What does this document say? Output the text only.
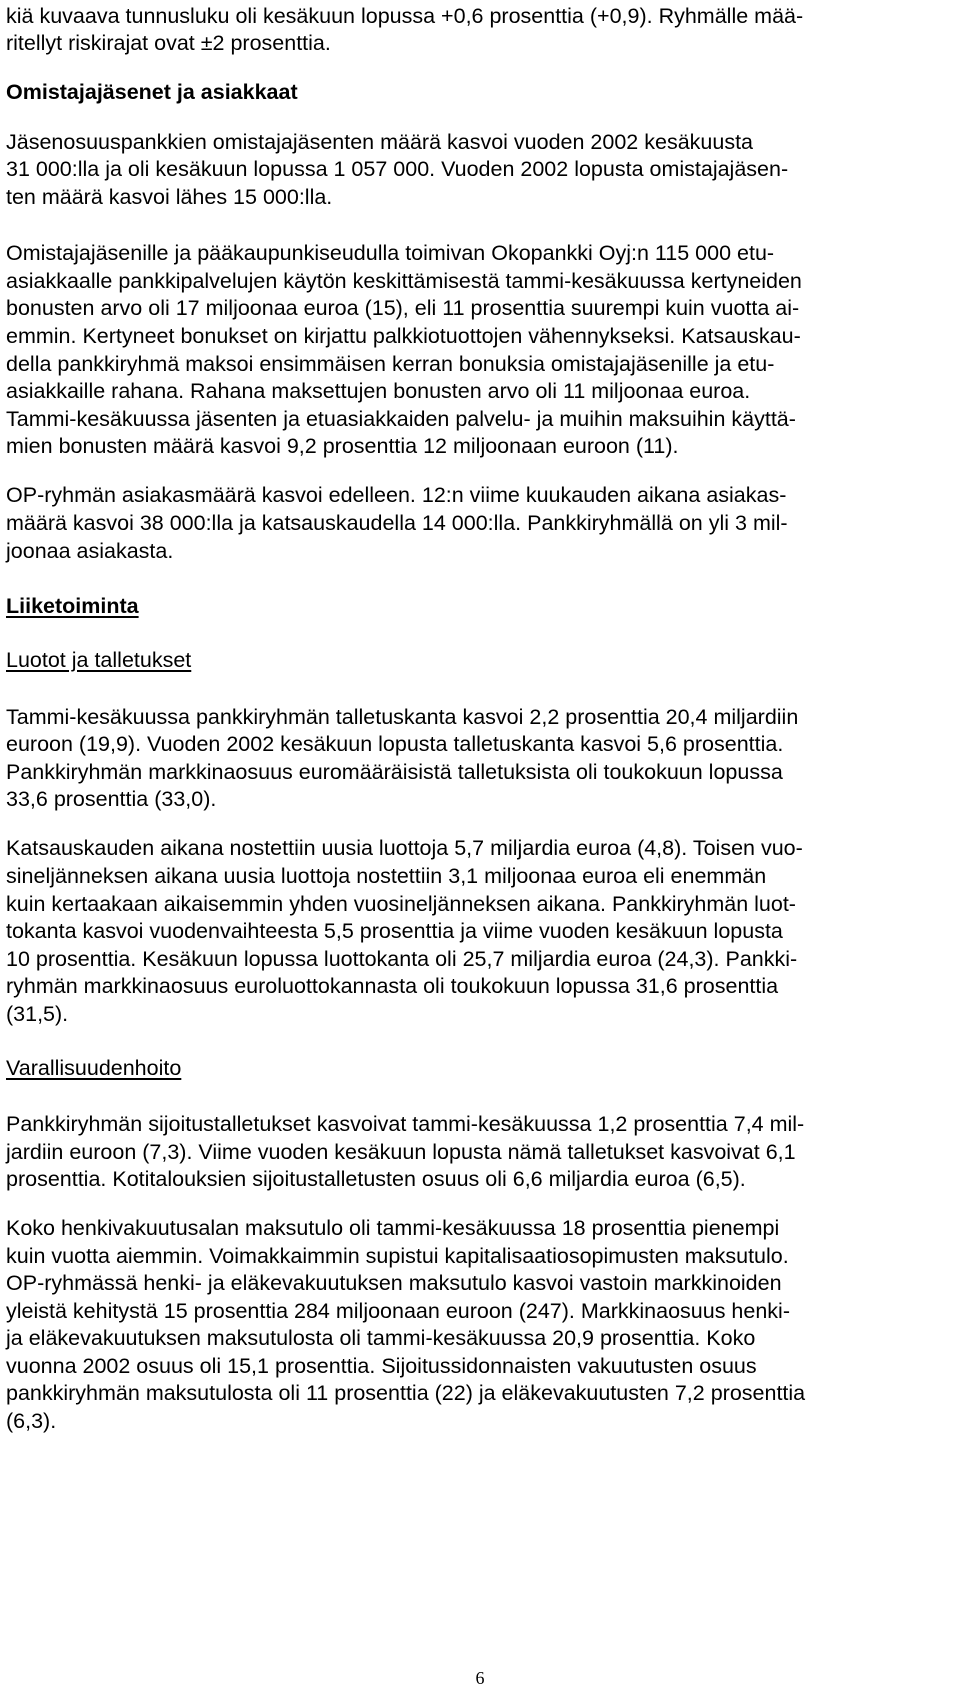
kiä kuvaava tunnusluku oli kesäkuun lopussa +0,6 prosenttia (+0,9). Ryhmälle mää-
ritellyt riskirajat ovat ±2 prosenttia.
Omistajajäsenet ja asiakkaat
Jäsenosuuspankkien omistajajäsenten määrä kasvoi vuoden 2002 kesäkuusta
31 000:lla ja oli kesäkuun lopussa 1 057 000. Vuoden 2002 lopusta omistajajäsen-
ten määrä kasvoi lähes 15 000:lla.
Omistajajäsenille ja pääkaupunkiseudulla toimivan Okopankki Oyj:n 115 000 etu-
asiakkaalle pankkipalvelujen käytön keskittämisestä tammi-kesäkuussa kertyneiden
bonusten arvo oli 17 miljoonaa euroa (15), eli 11 prosenttia suurempi kuin vuotta ai-
emmin. Kertyneet bonukset on kirjattu palkkiotuottojen vähennykseksi. Katsauskau-
della pankkiryhmä maksoi ensimmäisen kerran bonuksia omistajajäsenille ja etu-
asiakkaille rahana. Rahana maksettujen bonusten arvo oli 11 miljoonaa euroa.
Tammi-kesäkuussa jäsenten ja etuasiakkaiden palvelu- ja muihin maksuihin käyttä-
mien bonusten määrä kasvoi 9,2 prosenttia 12 miljoonaan euroon (11).
OP-ryhmän asiakasmäärä kasvoi edelleen. 12:n viime kuukauden aikana asiakas-
määrä kasvoi 38 000:lla ja katsauskaudella 14 000:lla. Pankkiryhmällä on yli 3 mil-
joonaa asiakasta.
Liiketoiminta
Luotot ja talletukset
Tammi-kesäkuussa pankkiryhmän talletuskanta kasvoi 2,2 prosenttia 20,4 miljardiin
euroon (19,9). Vuoden 2002 kesäkuun lopusta talletuskanta kasvoi 5,6 prosenttia.
Pankkiryhmän markkinaosuus euromääräisistä talletuksista oli toukokuun lopussa
33,6 prosenttia (33,0).
Katsauskauden aikana nostettiin uusia luottoja 5,7 miljardia euroa (4,8). Toisen vuo-
sineljänneksen aikana uusia luottoja nostettiin 3,1 miljoonaa euroa eli enemmän
kuin kertaakaan aikaisemmin yhden vuosineljänneksen aikana. Pankkiryhmän luot-
tokanta kasvoi vuodenvaihteesta 5,5 prosenttia ja viime vuoden kesäkuun lopusta
10 prosenttia. Kesäkuun lopussa luottokanta oli 25,7 miljardia euroa (24,3). Pankki-
ryhmän markkinaosuus euroluottokannasta oli toukokuun lopussa 31,6 prosenttia
(31,5).
Varallisuudenhoito
Pankkiryhmän sijoitustalletukset kasvoivat tammi-kesäkuussa 1,2 prosenttia 7,4 mil-
jardiin euroon (7,3). Viime vuoden kesäkuun lopusta nämä talletukset kasvoivat 6,1
prosenttia. Kotitalouksien sijoitustalletusten osuus oli 6,6 miljardia euroa (6,5).
Koko henkivakuutusalan maksutulo oli tammi-kesäkuussa 18 prosenttia pienempi
kuin vuotta aiemmin. Voimakkaimmin supistui kapitalisaatiosopimusten maksutulo.
OP-ryhmässä henki- ja eläkevakuutuksen maksutulo kasvoi vastoin markkinoiden
yleistä kehitystä 15 prosenttia 284 miljoonaan euroon (247). Markkinaosuus henki-
ja eläkevakuutuksen maksutulosta oli tammi-kesäkuussa 20,9 prosenttia. Koko
vuonna 2002 osuus oli 15,1 prosenttia. Sijoitussidonnaisten vakuutusten osuus
pankkiryhmän maksutulosta oli 11 prosenttia (22) ja eläkevakuutusten 7,2 prosenttia
(6,3).
6
